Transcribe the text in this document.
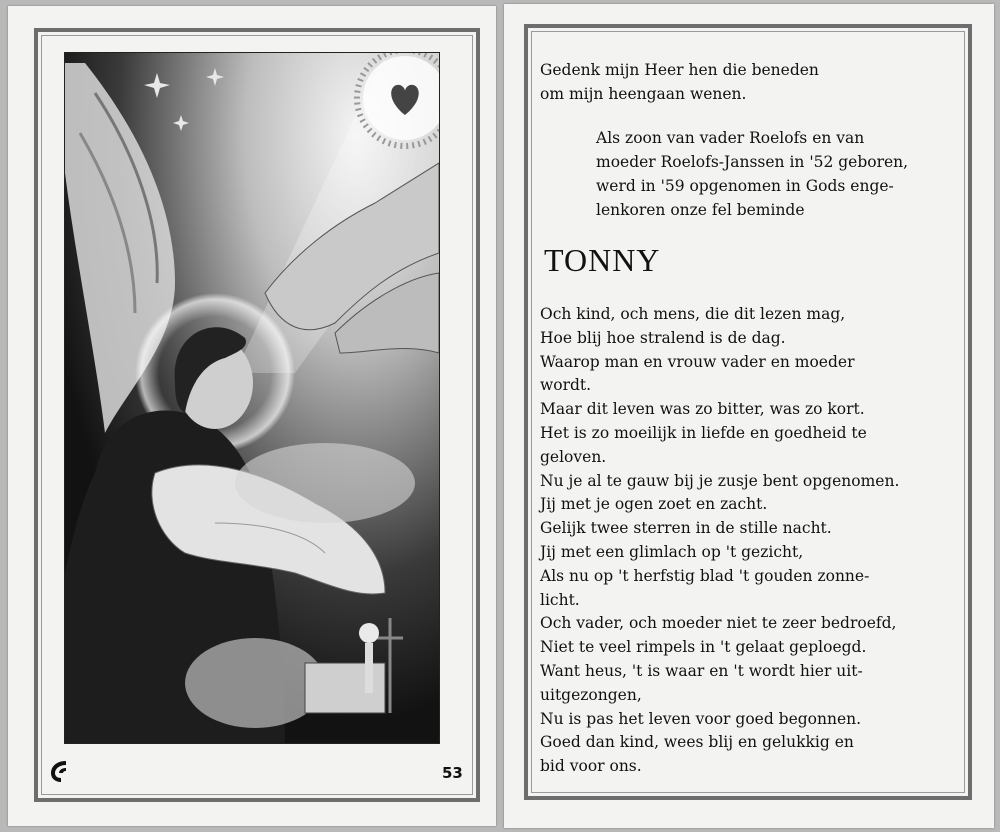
53
Gedenk mijn Heer hen die beneden
om mijn heengaan wenen.
Als zoon van vader Roelofs en van
moeder Roelofs-Janssen in '52 geboren,
werd in '59 opgenomen in Gods enge-
lenkoren onze fel beminde
TONNY
Och kind, och mens, die dit lezen mag,
Hoe blij hoe stralend is de dag.
Waarop man en vrouw vader en moeder
wordt.
Maar dit leven was zo bitter, was zo kort.
Het is zo moeilijk in liefde en goedheid te
geloven.
Nu je al te gauw bij je zusje bent opgenomen.
Jij met je ogen zoet en zacht.
Gelijk twee sterren in de stille nacht.
Jij met een glimlach op 't gezicht,
Als nu op 't herfstig blad 't gouden zonne-
licht.
Och vader, och moeder niet te zeer bedroefd,
Niet te veel rimpels in 't gelaat geploegd.
Want heus, 't is waar en 't wordt hier uit-
uitgezongen,
Nu is pas het leven voor goed begonnen.
Goed dan kind, wees blij en gelukkig en
bid voor ons.
